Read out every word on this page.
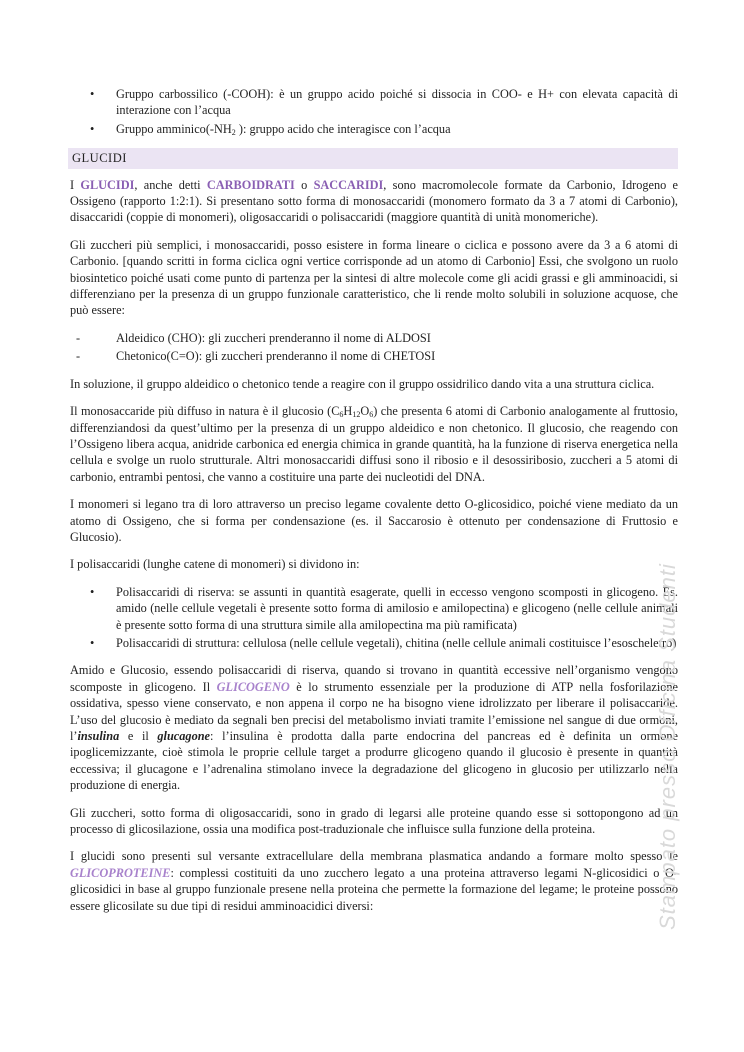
• Gruppo carbossilico (-COOH): è un gruppo acido poiché si dissocia in COO- e H+ con elevata capacità di interazione con l’acqua
• Gruppo $amminico(-NH_2$ ): gruppo acido che interagisce con l’acqua
GLUCIDI

I GLUCIDI, anche detti CARBOIDRATI o SACCARIDI, sono macromolecole formate da Carbonio, Idrogeno e Ossigeno (rapporto 1:2:1). Si presentano sotto forma di monosaccaridi (monomero formato da 3 a 7 atomi di Carbonio), disaccaridi (coppie di monomeri), oligosaccaridi o polisaccaridi (maggiore quantità di unità monomeriche).

Gli zuccheri più semplici, i monosaccaridi, posso esistere in forma lineare o ciclica e possono avere da 3 a 6 atomi di Carbonio. [quando scritti in forma ciclica ogni vertice corrisponde ad un atomo di Carbonio] Essi, che svolgono un ruolo biosintetico poiché usati come punto di partenza per la sintesi di altre molecole come gli acidi grassi e gli amminoacidi, si differenziano per la presenza di un gruppo funzionale caratteristico, che li rende molto solubili in soluzione acquose, che può essere:

- Aldeidico (CHO): gli zuccheri prenderanno il nome di ALDOSI
- Chetonico(C=O): gli zuccheri prenderanno il nome di CHETOSI

In soluzione, il gruppo aldeidico o chetonico tende a reagire con il gruppo ossidrilico dando vita a una struttura ciclica.

Il monosaccaride più diffuso in natura è il glucosio $(C_6H_{12}O_6)$ che presenta 6 atomi di Carbonio analogamente al fruttosio, differenziandosi da quest’ultimo per la presenza di un gruppo aldeidico e non chetonico. Il glucosio, che reagendo con l’Ossigeno libera acqua, anidride carbonica ed energia chimica in grande quantità, ha la funzione di riserva energetica nella cellula e svolge un ruolo strutturale. Altri monosaccaridi diffusi sono il ribosio e il desossiribosio, zuccheri a 5 atomi di carbonio, entrambi pentosi, che vanno a costituire una parte dei nucleotidi del DNA.

I monomeri si legano tra di loro attraverso un preciso legame covalente detto O-glicosidico, poiché viene mediato da un atomo di Ossigeno, che si forma per condensazione (es. il Saccarosio è ottenuto per condensazione di Fruttosio e Glucosio).

I polisaccaridi (lunghe catene di monomeri) si dividono in:

• Polisaccaridi di riserva: se assunti in quantità esagerate, quelli in eccesso vengono scomposti in glicogeno. Es. amido (nelle cellule vegetali è presente sotto forma di amilosio e amilopectina) e glicogeno (nelle cellule animali è presente sotto forma di una struttura simile alla amilopectina ma più ramificata)
• Polisaccaridi di struttura: cellulosa (nelle cellule vegetali), chitina (nelle cellule animali costituisce l’esoscheletro)

Amido e Glucosio, essendo polisaccaridi di riserva, quando si trovano in quantità eccessive nell’organismo vengono scomposte in glicogeno. Il GLICOGENO è lo strumento essenziale per la produzione di ATP nella fosforilazione ossidativa, spesso viene conservato, e non appena il corpo ne ha bisogno viene idrolizzato per liberare il polisaccaride. L’uso del glucosio è mediato da segnali ben precisi del metabolismo inviati tramite l’emissione nel sangue di due ormoni, l’insulina e il glucagone: l’insulina è prodotta dalla parte endocrina del pancreas ed è definita un ormone ipoglicemizzante, cioè stimola le proprie cellule target a produrre glicogeno quando il glucosio è presente in quantità eccessiva; il glucagone e l’adrenalina stimolano invece la degradazione del glicogeno in glucosio per utilizzarlo nella produzione di energia.

Gli zuccheri, sotto forma di oligosaccaridi, sono in grado di legarsi alle proteine quando esse si sottopongono ad un processo di glicosilazione, ossia una modifica post-traduzionale che influisce sulla funzione della proteina.

I glucidi sono presenti sul versante extracellulare della membrana plasmatica andando a formare molto spesso le GLICOPROTEINE: complessi costituiti da uno zucchero legato a una proteina attraverso legami N-glicosidici o O-glicosidici in base al gruppo funzionale presene nella proteina che permette la formazione del legame; le proteine possono essere glicosilate su due tipi di residui amminoacidici diversi:	Stampato presso Officina Studenti
